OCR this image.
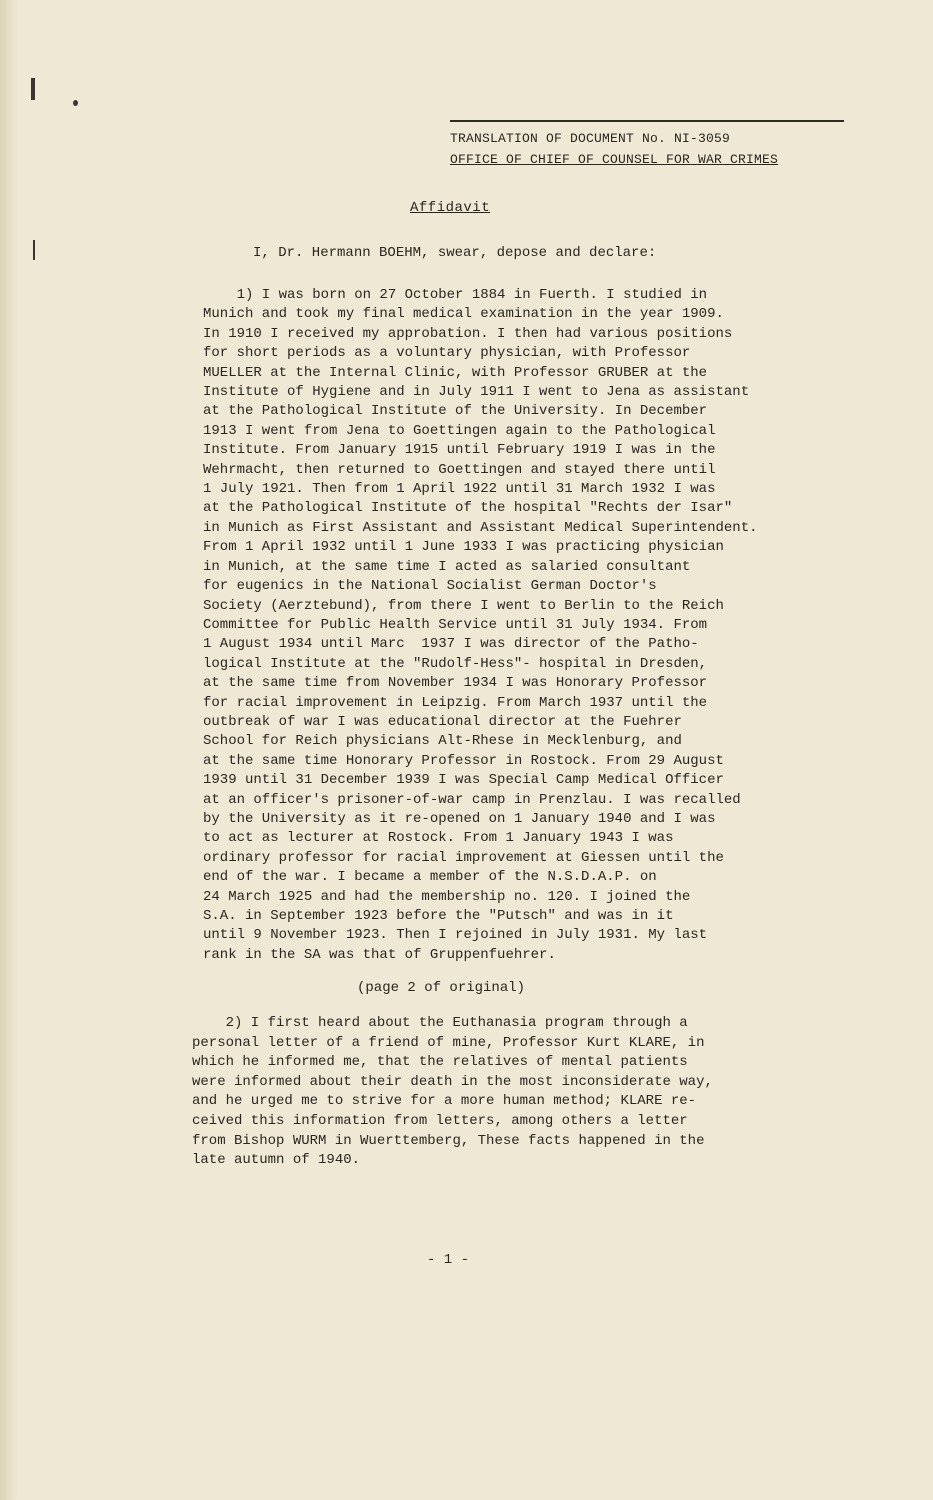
TRANSLATION OF DOCUMENT No. NI-3059
OFFICE OF CHIEF OF COUNSEL FOR WAR CRIMES
Affidavit
I, Dr. Hermann BOEHM, swear, depose and declare:
1) I was born on 27 October 1884 in Fuerth. I studied in
Munich and took my final medical examination in the year 1909.
In 1910 I received my approbation. I then had various positions
for short periods as a voluntary physician, with Professor
MUELLER at the Internal Clinic, with Professor GRUBER at the
Institute of Hygiene and in July 1911 I went to Jena as assistant
at the Pathological Institute of the University. In December
1913 I went from Jena to Goettingen again to the Pathological
Institute. From January 1915 until February 1919 I was in the
Wehrmacht, then returned to Goettingen and stayed there until
1 July 1921. Then from 1 April 1922 until 31 March 1932 I was
at the Pathological Institute of the hospital "Rechts der Isar"
in Munich as First Assistant and Assistant Medical Superintendent.
From 1 April 1932 until 1 June 1933 I was practicing physician
in Munich, at the same time I acted as salaried consultant
for eugenics in the National Socialist German Doctor's
Society (Aerztebund), from there I went to Berlin to the Reich
Committee for Public Health Service until 31 July 1934. From
1 August 1934 until Marc  1937 I was director of the Patho-
logical Institute at the "Rudolf-Hess"- hospital in Dresden,
at the same time from November 1934 I was Honorary Professor
for racial improvement in Leipzig. From March 1937 until the
outbreak of war I was educational director at the Fuehrer
School for Reich physicians Alt-Rhese in Mecklenburg, and
at the same time Honorary Professor in Rostock. From 29 August
1939 until 31 December 1939 I was Special Camp Medical Officer
at an officer's prisoner-of-war camp in Prenzlau. I was recalled
by the University as it re-opened on 1 January 1940 and I was
to act as lecturer at Rostock. From 1 January 1943 I was
ordinary professor for racial improvement at Giessen until the
end of the war. I became a member of the N.S.D.A.P. on
24 March 1925 and had the membership no. 120. I joined the
S.A. in September 1923 before the "Putsch" and was in it
until 9 November 1923. Then I rejoined in July 1931. My last
rank in the SA was that of Gruppenfuehrer.
(page 2 of original)
2) I first heard about the Euthanasia program through a
personal letter of a friend of mine, Professor Kurt KLARE, in
which he informed me, that the relatives of mental patients
were informed about their death in the most inconsiderate way,
and he urged me to strive for a more human method; KLARE re-
ceived this information from letters, among others a letter
from Bishop WURM in Wuerttemberg, These facts happened in the
late autumn of 1940.
- 1 -
